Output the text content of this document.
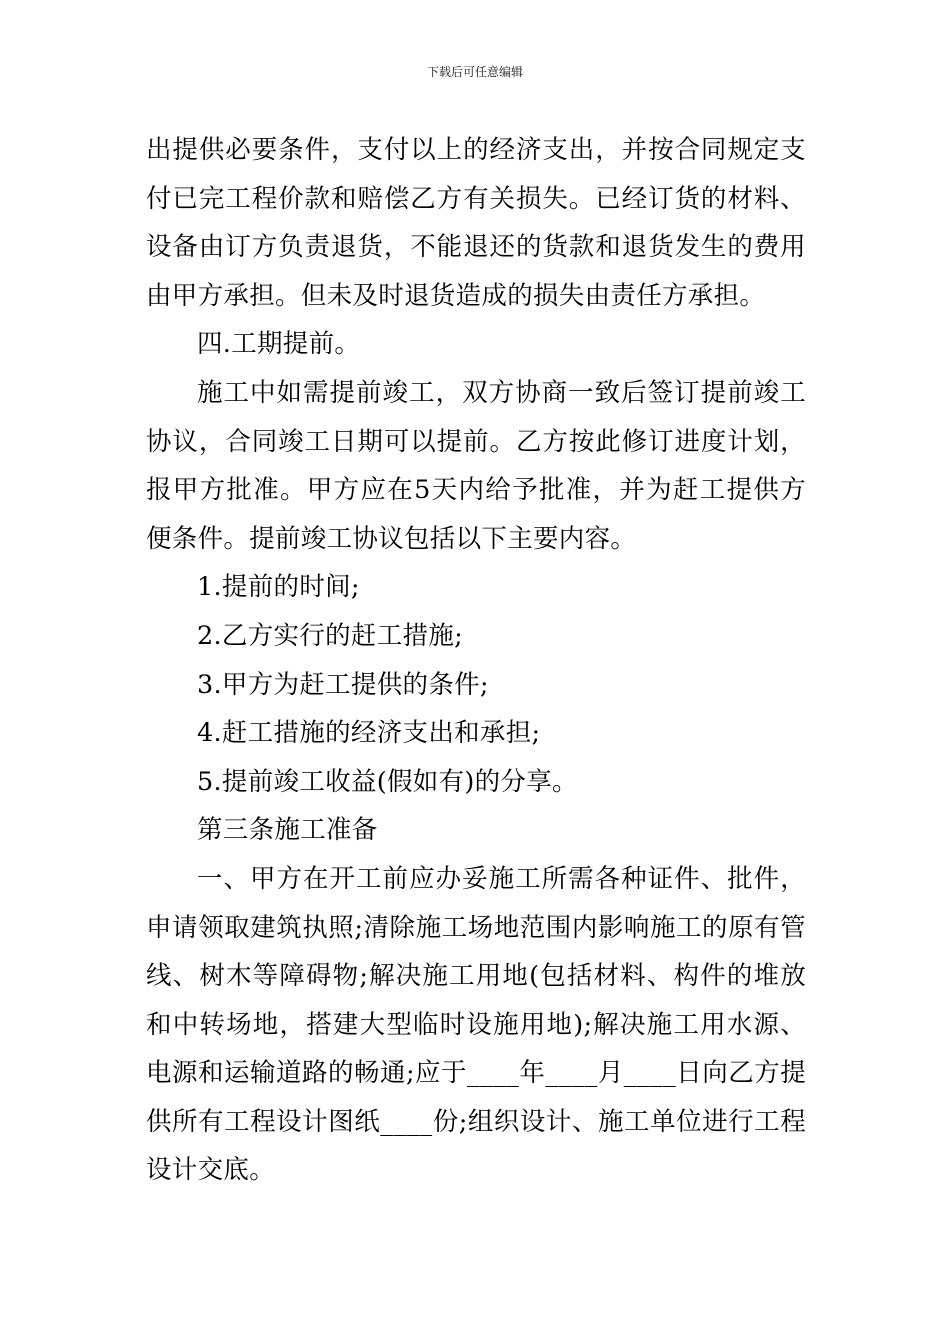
下载后可任意编辑

出提供必要条件，支付以上的经济支出，并按合同规定支付已完工程价款和赔偿乙方有关损失。已经订货的材料、设备由订方负责退货，不能退还的货款和退货发生的费用由甲方承担。但未及时退货造成的损失由责任方承担。

四.工期提前。

施工中如需提前竣工，双方协商一致后签订提前竣工协议，合同竣工日期可以提前。乙方按此修订进度计划，报甲方批准。甲方应在5天内给予批准，并为赶工提供方便条件。提前竣工协议包括以下主要内容。

1.提前的时间;

2.乙方实行的赶工措施;

3.甲方为赶工提供的条件;

4.赶工措施的经济支出和承担;

5.提前竣工收益(假如有)的分享。

第三条施工准备

一、甲方在开工前应办妥施工所需各种证件、批件，申请领取建筑执照;清除施工场地范围内影响施工的原有管线、树木等障碍物;解决施工用地(包括材料、构件的堆放和中转场地，搭建大型临时设施用地);解决施工用水源、电源和运输道路的畅通;应于____年____月____日向乙方提供所有工程设计图纸____份;组织设计、施工单位进行工程设计交底。
